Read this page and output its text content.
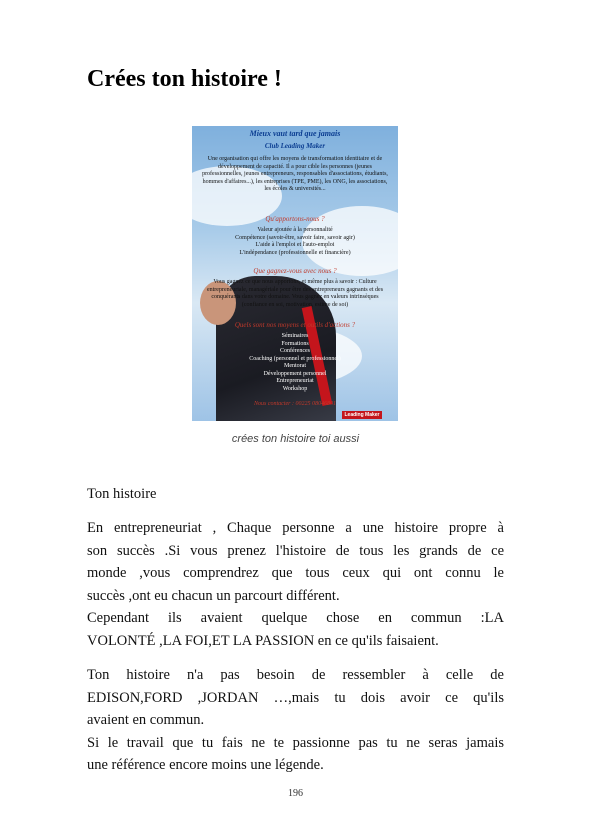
Crées ton histoire !
Mieux vaut tard que jamais
Club Leading Maker
Une organisation qui offre les moyens de transformation identitaire et de développement de capacité. Il a pour cible les personnes (jeunes professionnelles, jeunes entrepreneurs, responsables d'associations, étudiants, hommes d'affaires...), les entreprises (TPE, PME), les ONG, les associations, les écoles & universités...
Qu'apportons-nous ?
Valeur ajoutée à la personnalité
Compétence (savoir-être, savoir faire, savoir agir)
L'aide à l'emploi et l'auto-emploi
L'indépendance (professionnelle et financière)
Que gagnez-vous avec nous ?
Vous gagnez ce que nous apportons, et même plus à savoir : Culture entrepreneuriale, managériale pour être des entrepreneurs gagnants et des conquérants dans votre domaine. Vous gagnez en valeurs intrinsèques (confiance en soi, motivation, estime de soi)
Quels sont nos moyens et outils d'actions ?
Séminaires
Formations
Conférences
Coaching (personnel et professionnel)
Mentorat
Développement personnel
Entrepreneuriat
Workshop
Nous contacter : 00225 08046801
Leading Maker
crées ton histoire toi aussi

Ton histoire

En entrepreneuriat , Chaque personne a une histoire propre à
son succès .Si vous prenez l'histoire de tous les grands de ce
monde ,vous comprendrez que tous ceux qui ont connu le
succès ,ont eu chacun un parcourt différent.
Cependant ils avaient quelque chose en commun :LA
VOLONTÉ ,LA FOI,ET LA PASSION en ce qu'ils faisaient.
Ton histoire n'a pas besoin de ressembler à celle de
EDISON,FORD ,JORDAN …,mais tu dois avoir ce qu'ils
avaient en commun.
Si le travail que tu fais ne te passionne pas tu ne seras jamais
une référence encore moins une légende.
196
